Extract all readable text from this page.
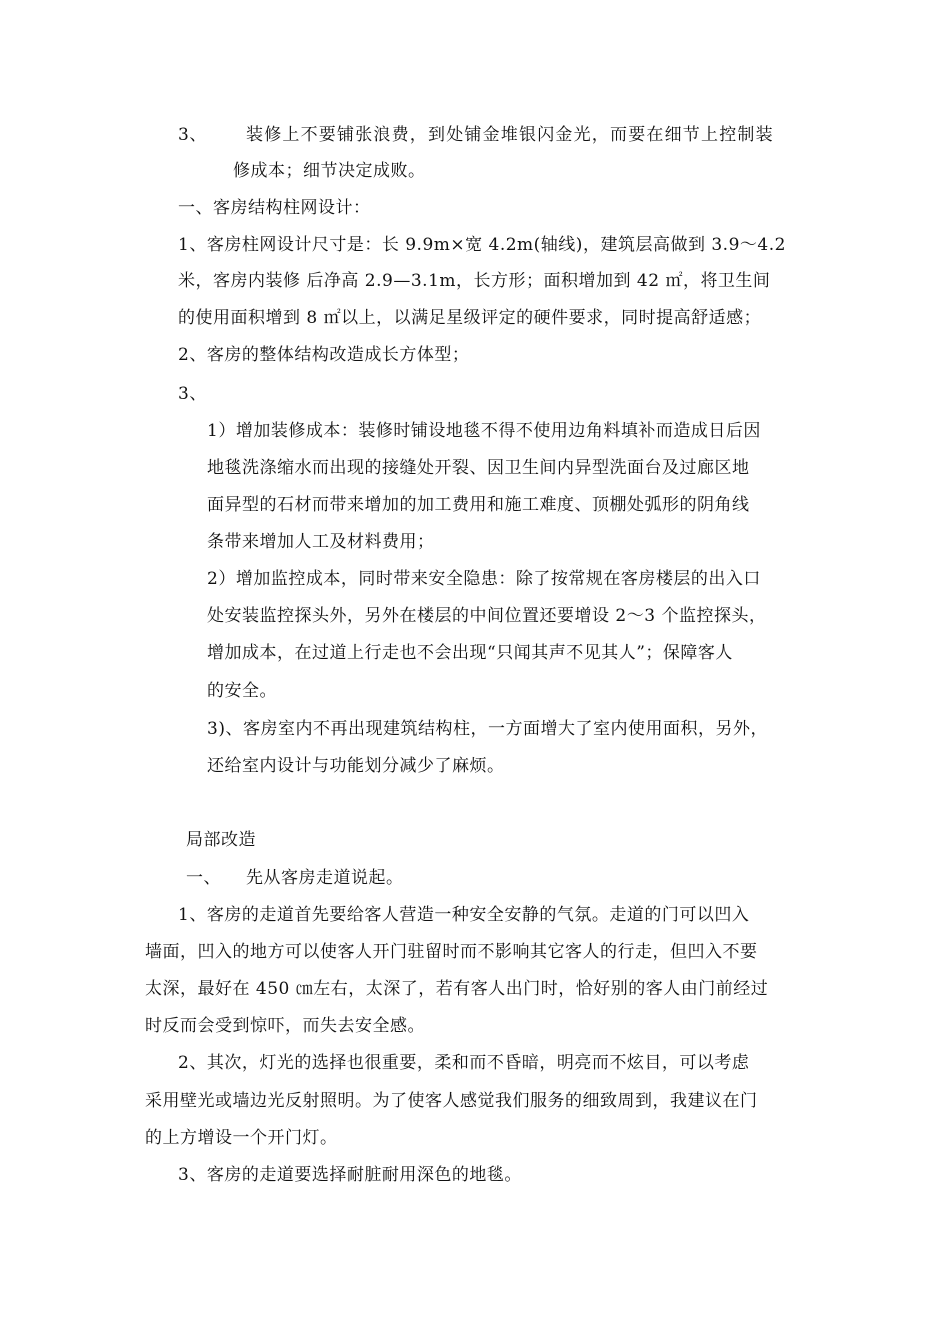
3、 装修上不要铺张浪费，到处铺金堆银闪金光，而要在细节上控制装
修成本；细节决定成败。
一、客房结构柱网设计：
1、客房柱网设计尺寸是：长 9.9m×宽 4.2m(轴线)，建筑层高做到 3.9～4.2
米，客房内装修 后净高 2.9—3.1m，长方形；面积增加到 42 ㎡，将卫生间
的使用面积增到 8 ㎡以上，以满足星级评定的硬件要求，同时提高舒适感；
2、客房的整体结构改造成长方体型；
3、
1）增加装修成本：装修时铺设地毯不得不使用边角料填补而造成日后因
地毯洗涤缩水而出现的接缝处开裂、因卫生间内异型洗面台及过廊区地
面异型的石材而带来增加的加工费用和施工难度、顶棚处弧形的阴角线
条带来增加人工及材料费用；
2）增加监控成本，同时带来安全隐患：除了按常规在客房楼层的出入口
处安装监控探头外，另外在楼层的中间位置还要增设 2～3 个监控探头，
增加成本，在过道上行走也不会出现“只闻其声不见其人”；保障客人
的安全。
3)、客房室内不再出现建筑结构柱，一方面增大了室内使用面积，另外，
还给室内设计与功能划分减少了麻烦。
局部改造
一、 先从客房走道说起。
1、客房的走道首先要给客人营造一种安全安静的气氛。走道的门可以凹入
墙面，凹入的地方可以使客人开门驻留时而不影响其它客人的行走，但凹入不要
太深，最好在 450 ㎝左右，太深了，若有客人出门时，恰好别的客人由门前经过
时反而会受到惊吓，而失去安全感。
2、其次，灯光的选择也很重要，柔和而不昏暗，明亮而不炫目，可以考虑
采用壁光或墙边光反射照明。为了使客人感觉我们服务的细致周到，我建议在门
的上方增设一个开门灯。
3、客房的走道要选择耐脏耐用深色的地毯。
